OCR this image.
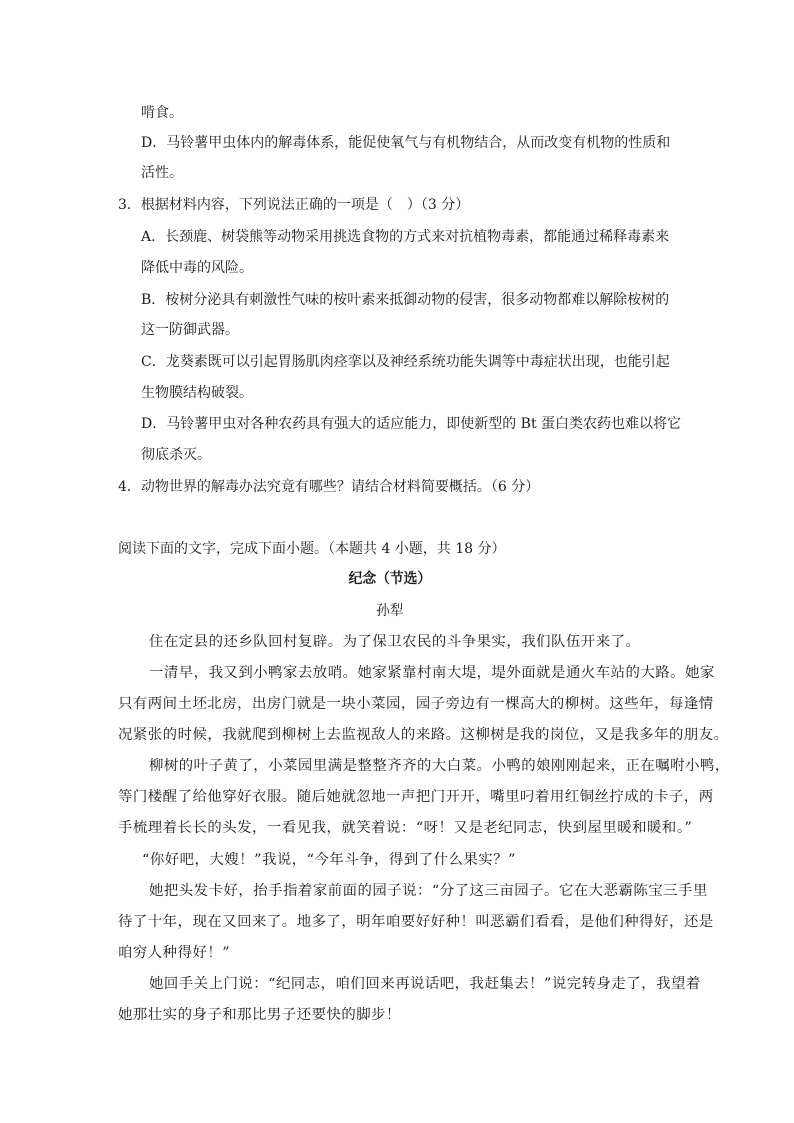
啃食。
D．马铃薯甲虫体内的解毒体系，能促使氧气与有机物结合，从而改变有机物的性质和
活性。
3．根据材料内容，下列说法正确的一项是（　）（3 分）
A．长颈鹿、树袋熊等动物采用挑选食物的方式来对抗植物毒素，都能通过稀释毒素来
降低中毒的风险。
B．桉树分泌具有刺激性气味的桉叶素来抵御动物的侵害，很多动物都难以解除桉树的
这一防御武器。
C．龙葵素既可以引起胃肠肌肉痉挛以及神经系统功能失调等中毒症状出现，也能引起
生物膜结构破裂。
D．马铃薯甲虫对各种农药具有强大的适应能力，即使新型的 Bt 蛋白类农药也难以将它
彻底杀灭。
4．动物世界的解毒办法究竟有哪些？请结合材料简要概括。（6 分）
阅读下面的文字，完成下面小题。（本题共 4 小题，共 18 分）
纪念（节选）
孙犁
住在定县的还乡队回村复辟。为了保卫农民的斗争果实，我们队伍开来了。
一清早，我又到小鸭家去放哨。她家紧靠村南大堤，堤外面就是通火车站的大路。她家
只有两间土坯北房，出房门就是一块小菜园，园子旁边有一棵高大的柳树。这些年，每逢情
况紧张的时候，我就爬到柳树上去监视敌人的来路。这柳树是我的岗位，又是我多年的朋友。
柳树的叶子黄了，小菜园里满是整整齐齐的大白菜。小鸭的娘刚刚起来，正在嘱咐小鸭，
等门楼醒了给他穿好衣服。随后她就忽地一声把门开开，嘴里叼着用红铜丝拧成的卡子，两
手梳理着长长的头发，一看见我，就笑着说：“呀！又是老纪同志，快到屋里暖和暖和。”
“你好吧，大嫂！”我说，“今年斗争，得到了什么果实？”
她把头发卡好，抬手指着家前面的园子说：“分了这三亩园子。它在大恶霸陈宝三手里
待了十年，现在又回来了。地多了，明年咱要好好种！叫恶霸们看看，是他们种得好，还是
咱穷人种得好！”
她回手关上门说：“纪同志，咱们回来再说话吧，我赶集去！”说完转身走了，我望着
她那壮实的身子和那比男子还要快的脚步！
